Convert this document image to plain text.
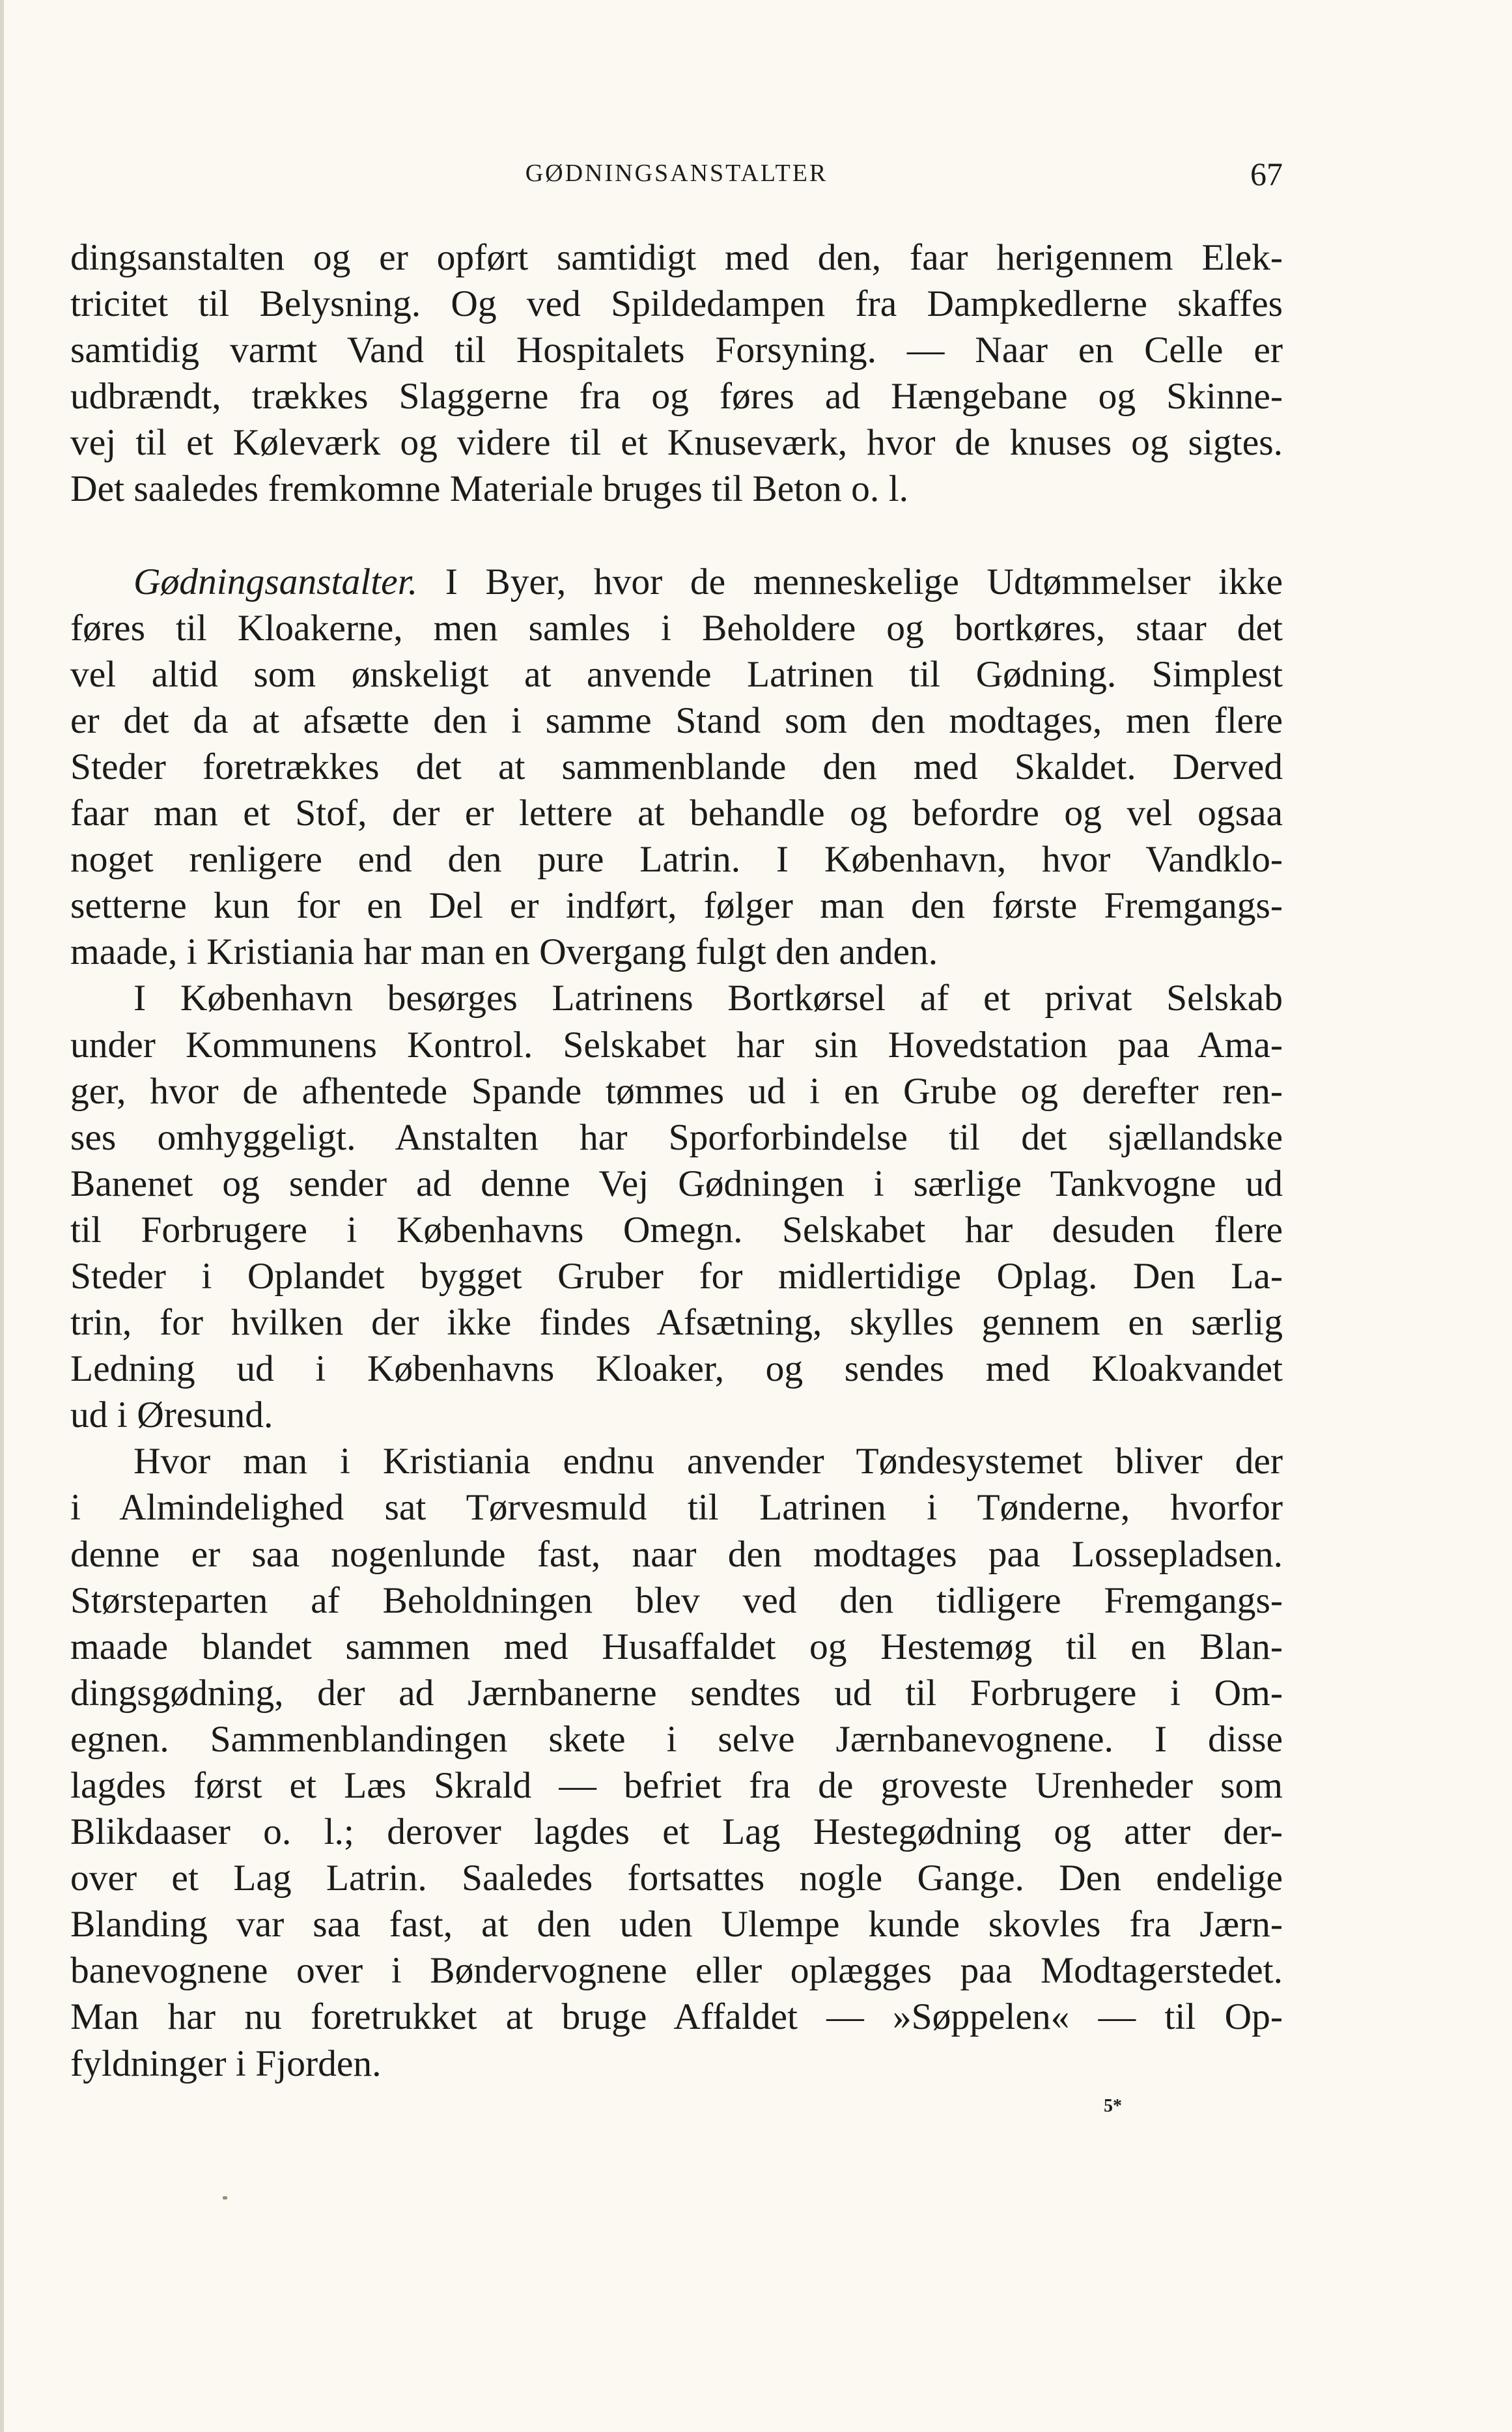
GØDNINGSANSTALTER	67
dingsanstalten og er opført samtidigt med den, faar herigennem Elek-
tricitet til Belysning. Og ved Spildedampen fra Dampkedlerne skaffes
samtidig varmt Vand til Hospitalets Forsyning. — Naar en Celle er
udbrændt, trækkes Slaggerne fra og føres ad Hængebane og Skinne-
vej til et Køleværk og videre til et Knuseværk, hvor de knuses og sigtes.
Det saaledes fremkomne Materiale bruges til Beton o. l.
Gødningsanstalter. I Byer, hvor de menneskelige Udtømmelser ikke
føres til Kloakerne, men samles i Beholdere og bortkøres, staar det
vel altid som ønskeligt at anvende Latrinen til Gødning. Simplest
er det da at afsætte den i samme Stand som den modtages, men flere
Steder foretrækkes det at sammenblande den med Skaldet. Derved
faar man et Stof, der er lettere at behandle og befordre og vel ogsaa
noget renligere end den pure Latrin. I København, hvor Vandklo-
setterne kun for en Del er indført, følger man den første Fremgangs-
maade, i Kristiania har man en Overgang fulgt den anden.
I København besørges Latrinens Bortkørsel af et privat Selskab
under Kommunens Kontrol. Selskabet har sin Hovedstation paa Ama-
ger, hvor de afhentede Spande tømmes ud i en Grube og derefter ren-
ses omhyggeligt. Anstalten har Sporforbindelse til det sjællandske
Banenet og sender ad denne Vej Gødningen i særlige Tankvogne ud
til Forbrugere i Københavns Omegn. Selskabet har desuden flere
Steder i Oplandet bygget Gruber for midlertidige Oplag. Den La-
trin, for hvilken der ikke findes Afsætning, skylles gennem en særlig
Ledning ud i Københavns Kloaker, og sendes med Kloakvandet
ud i Øresund.
Hvor man i Kristiania endnu anvender Tøndesystemet bliver der
i Almindelighed sat Tørvesmuld til Latrinen i Tønderne, hvorfor
denne er saa nogenlunde fast, naar den modtages paa Lossepladsen.
Størsteparten af Beholdningen blev ved den tidligere Fremgangs-
maade blandet sammen med Husaffaldet og Hestemøg til en Blan-
dingsgødning, der ad Jærnbanerne sendtes ud til Forbrugere i Om-
egnen. Sammenblandingen skete i selve Jærnbanevognene. I disse
lagdes først et Læs Skrald — befriet fra de groveste Urenheder som
Blikdaaser o. l.; derover lagdes et Lag Hestegødning og atter der-
over et Lag Latrin. Saaledes fortsattes nogle Gange. Den endelige
Blanding var saa fast, at den uden Ulempe kunde skovles fra Jærn-
banevognene over i Bøndervognene eller oplægges paa Modtagerstedet.
Man har nu foretrukket at bruge Affaldet — »Søppelen« — til Op-
fyldninger i Fjorden.
5*
